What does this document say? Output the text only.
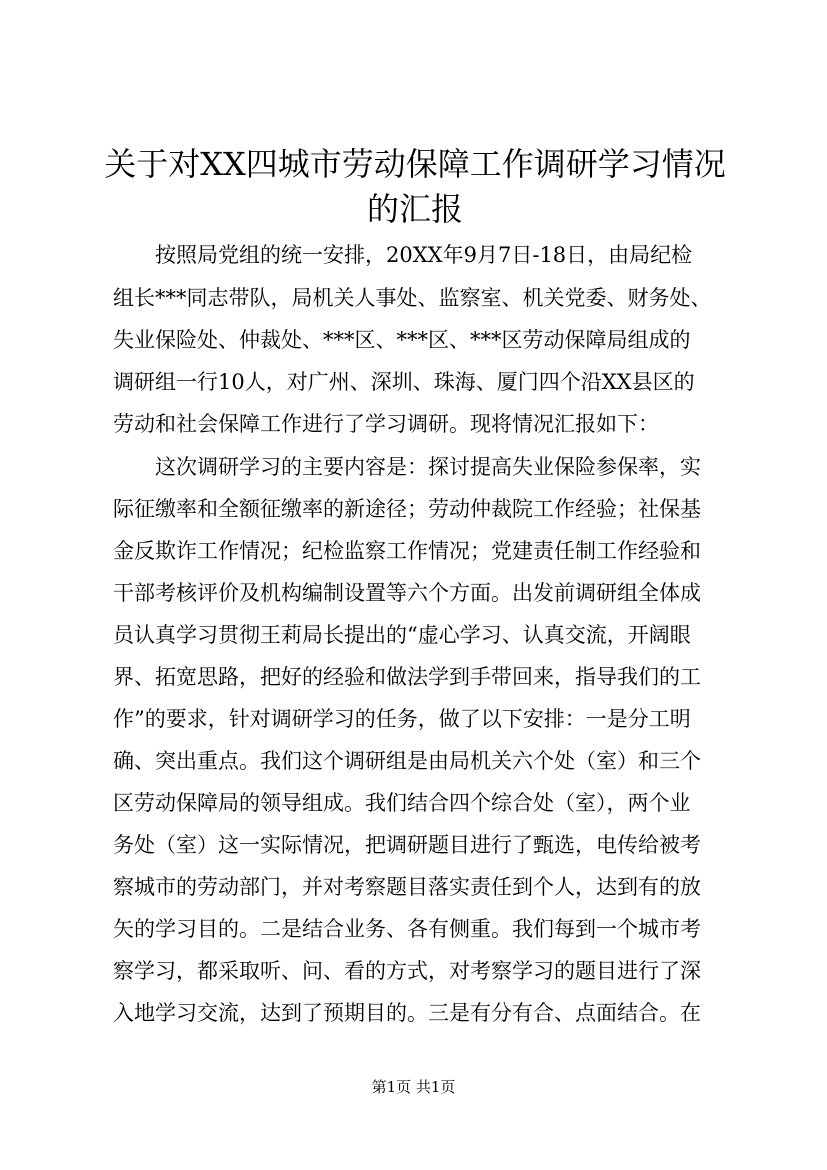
关于对XX四城市劳动保障工作调研学习情况
的汇报

　　按照局党组的统一安排，20XX年9月7日-18日，由局纪检

组长***同志带队，局机关人事处、监察室、机关党委、财务处、

失业保险处、仲裁处、***区、***区、***区劳动保障局组成的

调研组一行10人，对广州、深圳、珠海、厦门四个沿XX县区的

劳动和社会保障工作进行了学习调研。现将情况汇报如下：

　　这次调研学习的主要内容是：探讨提高失业保险参保率，实

际征缴率和全额征缴率的新途径；劳动仲裁院工作经验；社保基

金反欺诈工作情况；纪检监察工作情况；党建责任制工作经验和

干部考核评价及机构编制设置等六个方面。出发前调研组全体成

员认真学习贯彻王莉局长提出的“虚心学习、认真交流，开阔眼

界、拓宽思路，把好的经验和做法学到手带回来，指导我们的工

作”的要求，针对调研学习的任务，做了以下安排：一是分工明

确、突出重点。我们这个调研组是由局机关六个处（室）和三个

区劳动保障局的领导组成。我们结合四个综合处（室），两个业

务处（室）这一实际情况，把调研题目进行了甄选，电传给被考

察城市的劳动部门，并对考察题目落实责任到个人，达到有的放

矢的学习目的。二是结合业务、各有侧重。我们每到一个城市考

察学习，都采取听、问、看的方式，对考察学习的题目进行了深

入地学习交流，达到了预期目的。三是有分有合、点面结合。在

第1页 共1页
